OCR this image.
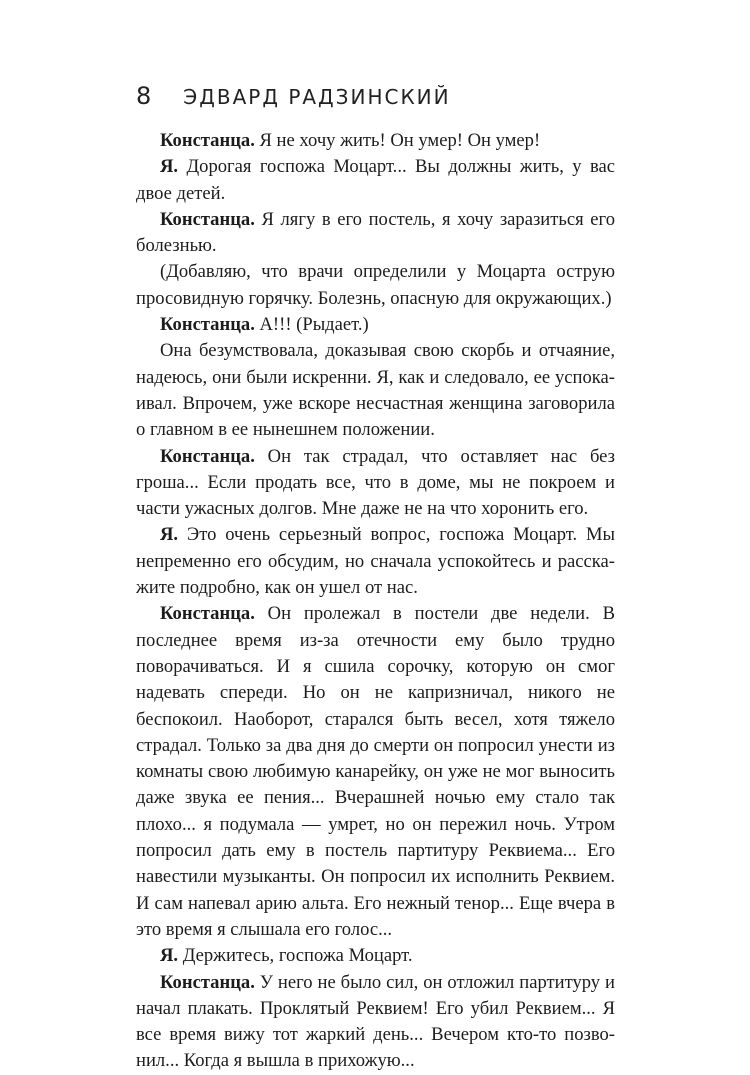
8 ЭДВАРД РАДЗИНСКИЙ

Констанца. Я не хочу жить! Он умер! Он умер!

Я. Дорогая госпожа Моцарт... Вы должны жить, у вас двое детей.

Констанца. Я лягу в его постель, я хочу заразиться его болезнью.

(Добавляю, что врачи определили у Моцарта острую просовидную горячку. Болезнь, опасную для окружающих.)

Констанца. А!!! (Рыдает.)

Она безумствовала, доказывая свою скорбь и отчаяние, надеюсь, они были искренни. Я, как и следовало, ее успокаивал. Впрочем, уже вскоре несчастная женщина заговорила о главном в ее нынешнем положении.

Констанца. Он так страдал, что оставляет нас без гроша... Если продать все, что в доме, мы не покроем и части ужасных долгов. Мне даже не на что хоронить его.

Я. Это очень серьезный вопрос, госпожа Моцарт. Мы непременно его обсудим, но сначала успокойтесь и расскажите подробно, как он ушел от нас.

Констанца. Он пролежал в постели две недели. В последнее время из-за отечности ему было трудно поворачиваться. И я сшила сорочку, которую он смог надевать спереди. Но он не капризничал, никого не беспокоил. Наоборот, старался быть весел, хотя тяжело страдал. Только за два дня до смерти он попросил унести из комнаты свою любимую канарейку, он уже не мог выносить даже звука ее пения... Вчерашней ночью ему стало так плохо... я подумала — умрет, но он пережил ночь. Утром попросил дать ему в постель партитуру Реквиема... Его навестили музыканты. Он попросил их исполнить Реквием. И сам напевал арию альта. Его нежный тенор... Еще вчера в это время я слышала его голос...

Я. Держитесь, госпожа Моцарт.

Констанца. У него не было сил, он отложил партитуру и начал плакать. Проклятый Реквием! Его убил Реквием... Я все время вижу тот жаркий день... Вечером кто-то позвонил... Когда я вышла в прихожую...
